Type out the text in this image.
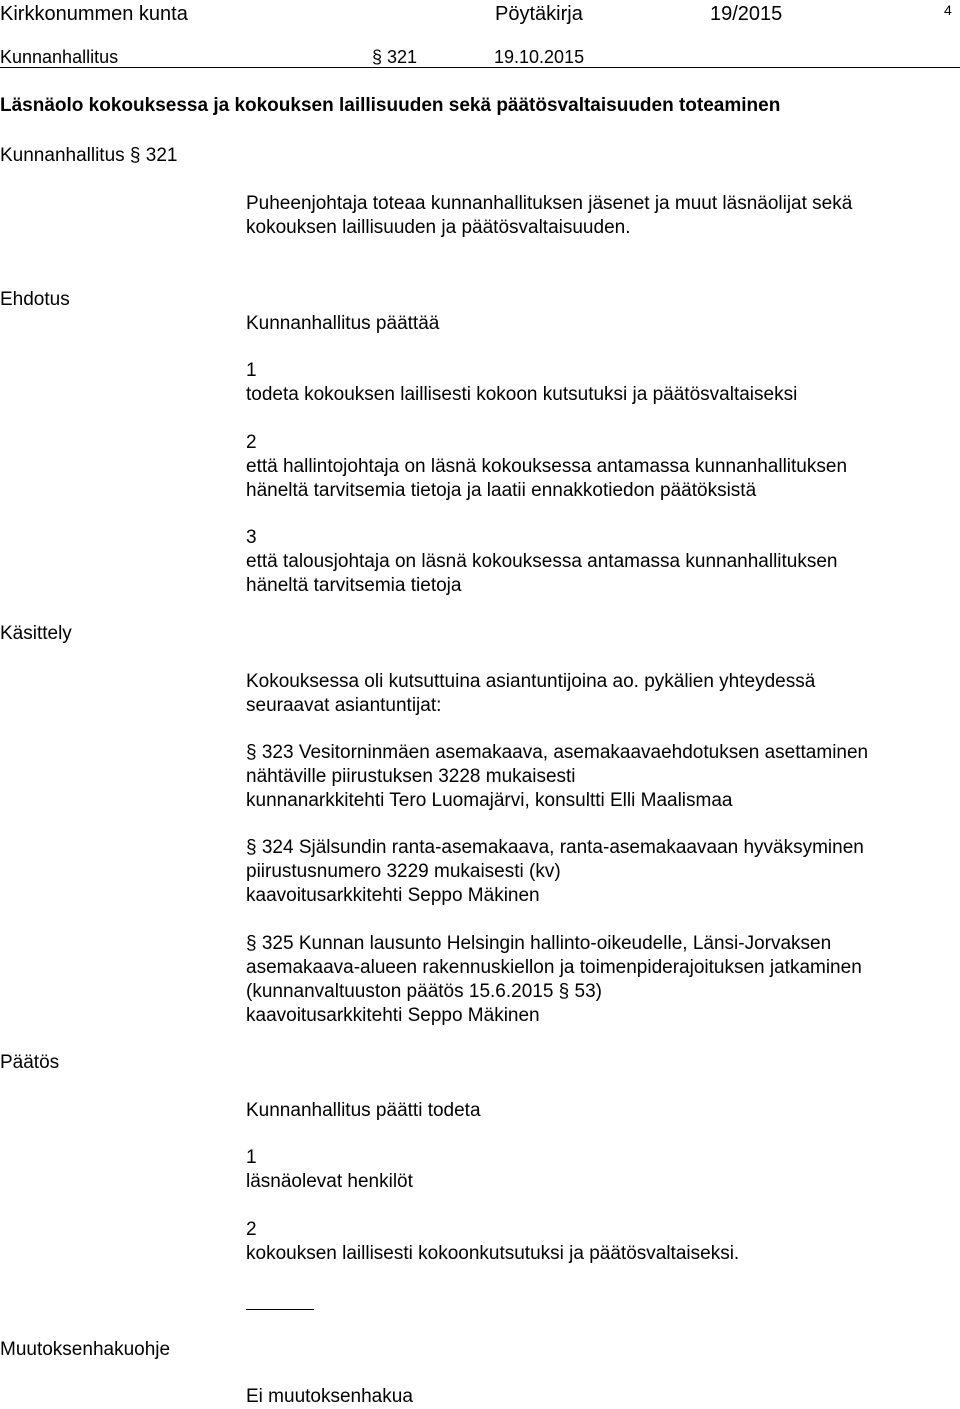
Kirkkonummen kunta	Pöytäkirja	19/2015	4
Kunnanhallitus	§ 321	19.10.2015
Läsnäolo kokouksessa ja kokouksen laillisuuden sekä päätösvaltaisuuden toteaminen
Kunnanhallitus § 321
Puheenjohtaja toteaa kunnanhallituksen jäsenet ja muut läsnäolijat sekä
kokouksen laillisuuden ja päätösvaltaisuuden.
Ehdotus
Kunnanhallitus päättää
1
todeta kokouksen laillisesti kokoon kutsutuksi ja päätösvaltaiseksi
2
että hallintojohtaja on läsnä kokouksessa antamassa kunnanhallituksen
häneltä tarvitsemia tietoja ja laatii ennakkotiedon päätöksistä
3
että talousjohtaja on läsnä kokouksessa antamassa kunnanhallituksen
häneltä tarvitsemia tietoja
Käsittely
Kokouksessa oli kutsuttuina asiantuntijoina ao. pykälien yhteydessä
seuraavat asiantuntijat:
§ 323 Vesitorninmäen asemakaava, asemakaavaehdotuksen asettaminen
nähtäville piirustuksen 3228 mukaisesti
kunnanarkkitehti Tero Luomajärvi, konsultti Elli Maalismaa
§ 324 Själsundin ranta-asemakaava, ranta-asemakaavaan hyväksyminen
piirustusnumero 3229 mukaisesti (kv)
kaavoitusarkkitehti Seppo Mäkinen
§ 325 Kunnan lausunto Helsingin hallinto-oikeudelle, Länsi-Jorvaksen
asemakaava-alueen rakennuskiellon ja toimenpiderajoituksen jatkaminen
(kunnanvaltuuston päätös 15.6.2015 § 53)
kaavoitusarkkitehti Seppo Mäkinen
Päätös
Kunnanhallitus päätti todeta
1
läsnäolevat henkilöt
2
kokouksen laillisesti kokoonkutsutuksi ja päätösvaltaiseksi.
Muutoksenhakuohje
Ei muutoksenhakua
